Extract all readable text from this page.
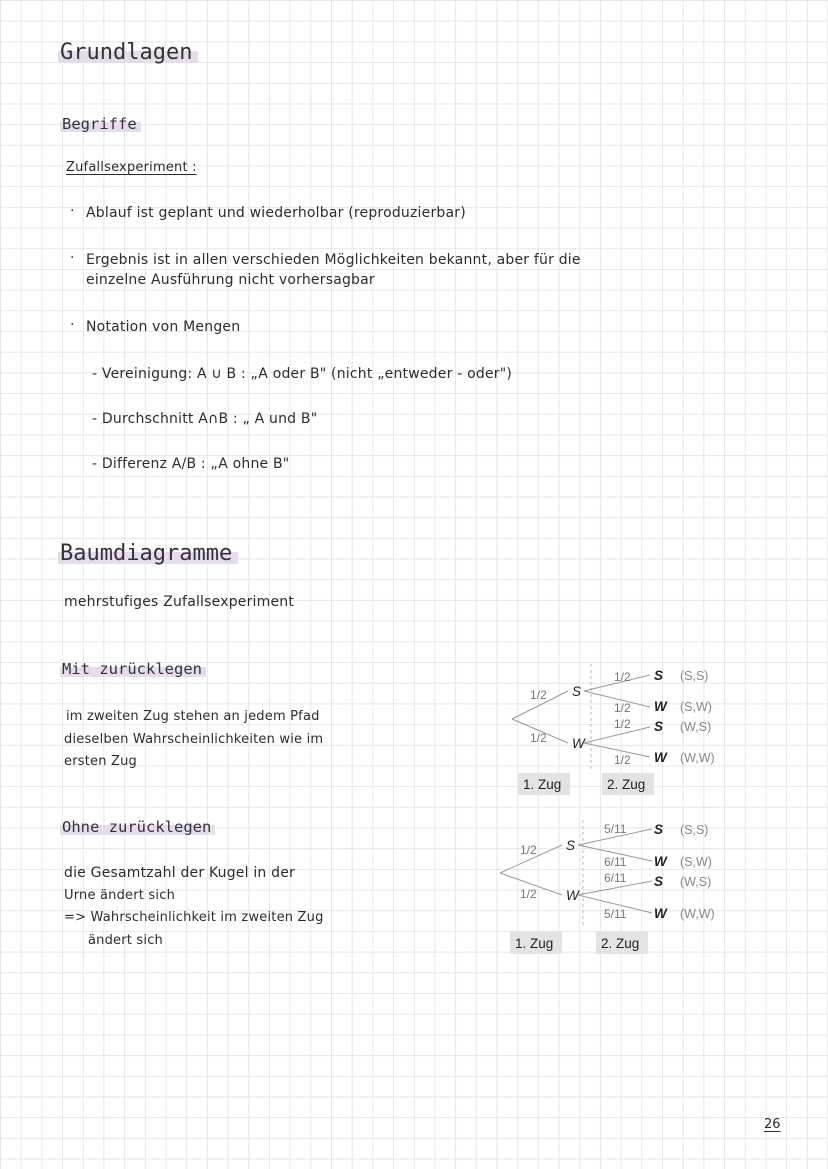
Grundlagen
Begriffe
Zufallsexperiment :
· Ablauf ist geplant und wiederholbar (reproduzierbar)
· Ergebnis ist in allen verschieden Möglichkeiten bekannt, aber für die
einzelne Ausführung nicht vorhersagbar
· Notation von Mengen
- Vereinigung: A ∪ B : „A oder B" (nicht „entweder - oder")
- Durchschnitt A∩B : „ A und B"
- Differenz A/B : „A ohne B"
Baumdiagramme
mehrstufiges Zufallsexperiment
Mit zurücklegen
im zweiten Zug stehen an jedem Pfad
dieselben Wahrscheinlichkeiten wie im
ersten Zug
1/2
1/2
S
W
1/2
1/2
1/2
1/2
S
W
S
W
(S,S)
(S,W)
(W,S)
(W,W)
1. Zug	2. Zug
Ohne zurücklegen
die Gesamtzahl der Kugel in der
Urne ändert sich
=> Wahrscheinlichkeit im zweiten Zug
ändert sich
1/2
1/2
S
W
5/11
6/11
6/11
5/11
S
W
S
W
(S,S)
(S,W)
(W,S)
(W,W)
1. Zug	2. Zug
26
